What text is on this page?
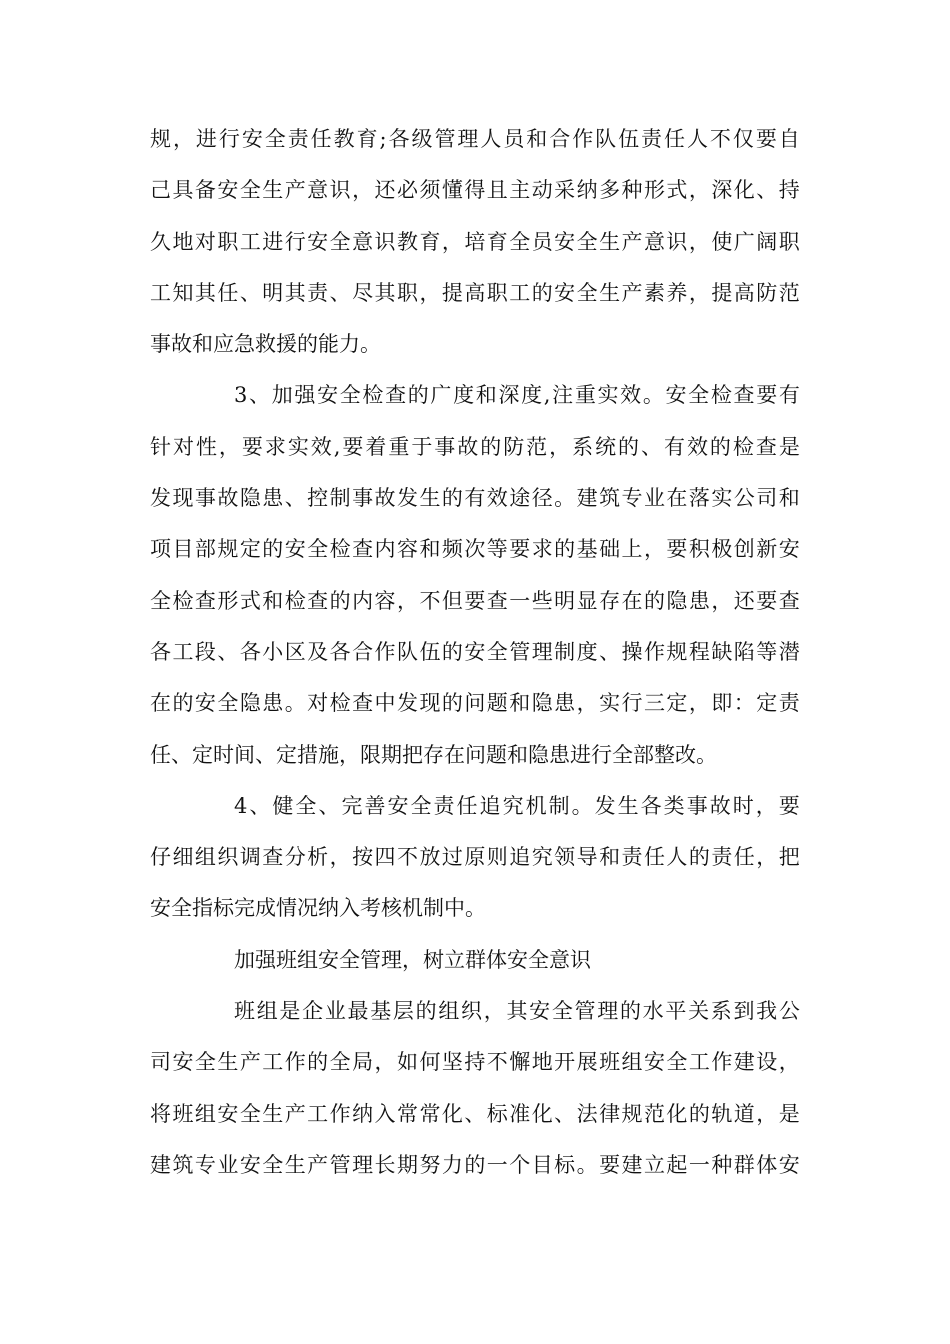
规 ， 进 行 安 全 责 任 教 育 ; 各 级 管 理 人 员 和 合 作 队 伍 责 任 人 不 仅 要 自
己 具 备 安 全 生 产 意 识 ， 还 必 须 懂 得 且 主 动 采 纳 多 种 形 式 ， 深 化 、 持
久 地 对 职 工 进 行 安 全 意 识 教 育 ， 培 育 全 员 安 全 生 产 意 识 ， 使 广 阔 职
工 知 其 任 、 明 其 责 、 尽 其 职 ， 提 高 职 工 的 安 全 生 产 素 养 ， 提 高 防 范
事故和应急救援的能力。
3 、 加 强 安 全 检 查 的 广 度 和 深 度 , 注 重 实 效 。 安 全 检 查 要 有
针 对 性 ， 要 求 实 效 , 要 着 重 于 事 故 的 防 范 ， 系 统 的 、 有 效 的 检 查 是
发 现 事 故 隐 患 、 控 制 事 故 发 生 的 有 效 途 径 。 建 筑 专 业 在 落 实 公 司 和
项 目 部 规 定 的 安 全 检 查 内 容 和 频 次 等 要 求 的 基 础 上 ， 要 积 极 创 新 安
全 检 查 形 式 和 检 查 的 内 容 ， 不 但 要 查 一 些 明 显 存 在 的 隐 患 ， 还 要 查
各 工 段 、 各 小 区 及 各 合 作 队 伍 的 安 全 管 理 制 度 、 操 作 规 程 缺 陷 等 潜
在 的 安 全 隐 患 。 对 检 查 中 发 现 的 问 题 和 隐 患 ， 实 行 三 定 ， 即 ： 定 责
任、定时间、定措施，限期把存在问题和隐患进行全部整改。
4 、 健 全 、 完 善 安 全 责 任 追 究 机 制 。 发 生 各 类 事 故 时 ， 要
仔 细 组 织 调 查 分 析 ， 按 四 不 放 过 原 则 追 究 领 导 和 责 任 人 的 责 任 ， 把
安全指标完成情况纳入考核机制中。
加强班组安全管理，树立群体安全意识
班 组 是 企 业 最 基 层 的 组 织 ， 其 安 全 管 理 的 水 平 关 系 到 我 公
司 安 全 生 产 工 作 的 全 局 ， 如 何 坚 持 不 懈 地 开 展 班 组 安 全 工 作 建 设 ，
将 班 组 安 全 生 产 工 作 纳 入 常 常 化 、 标 准 化 、 法 律 规 范 化 的 轨 道 ， 是
建 筑 专 业 安 全 生 产 管 理 长 期 努 力 的 一 个 目 标 。 要 建 立 起 一 种 群 体 安
